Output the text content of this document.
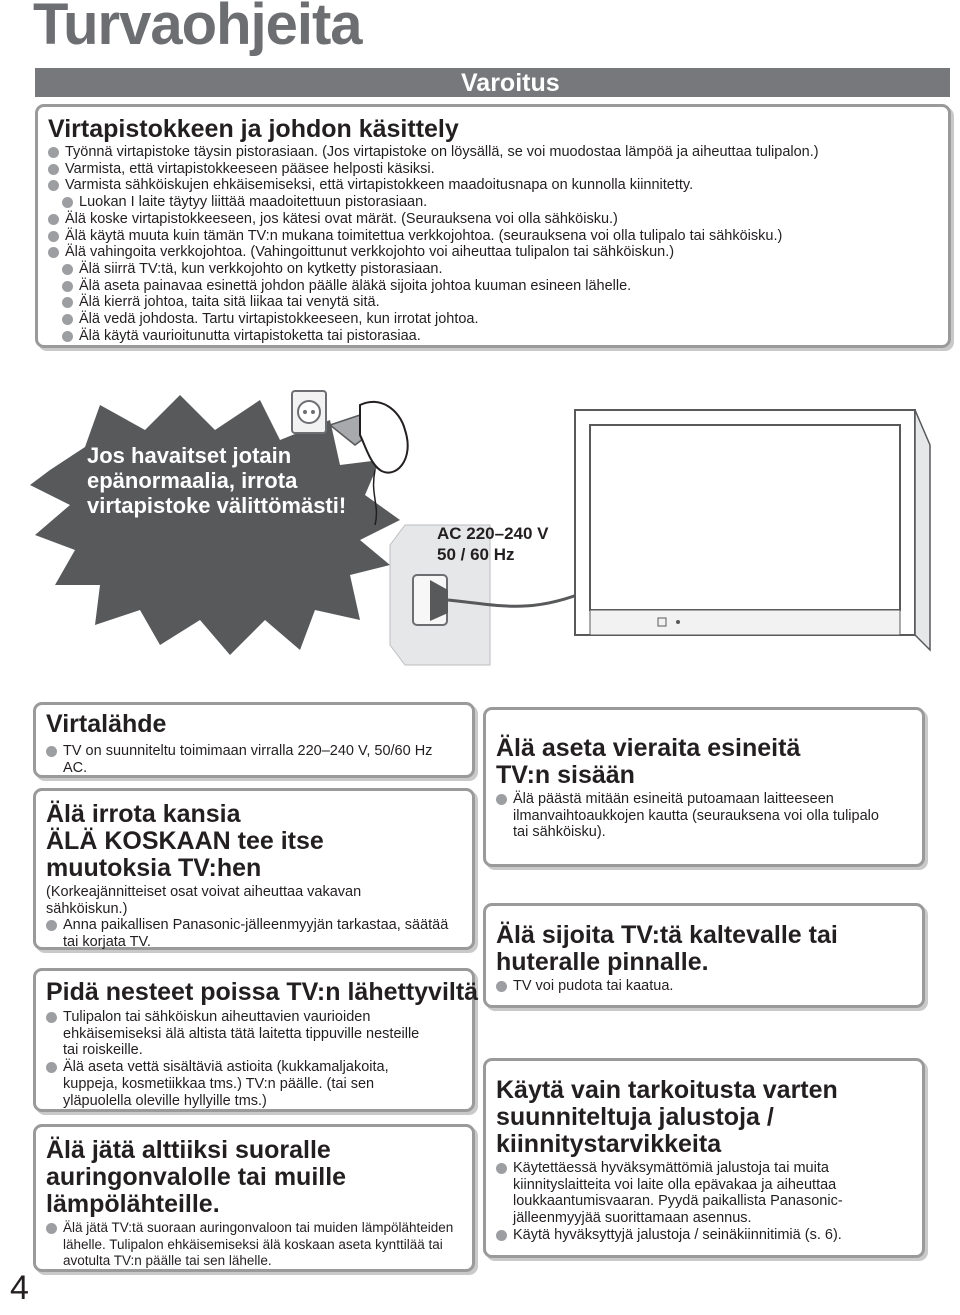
Turvaohjeita
Varoitus

Virtapistokkeen ja johdon käsittely

Työnnä virtapistoke täysin pistorasiaan. (Jos virtapistoke on löysällä, se voi muodostaa lämpöä ja aiheuttaa tulipalon.)
Varmista, että virtapistokkeeseen pääsee helposti käsiksi.
Varmista sähköiskujen ehkäisemiseksi, että virtapistokkeen maadoitusnapa on kunnolla kiinnitetty.
Luokan I laite täytyy liittää maadoitettuun pistorasiaan.
Älä koske virtapistokkeeseen, jos kätesi ovat märät. (Seurauksena voi olla sähköisku.)
Älä käytä muuta kuin tämän TV:n mukana toimitettua verkkojohtoa. (seurauksena voi olla tulipalo tai sähköisku.)
Älä vahingoita verkkojohtoa. (Vahingoittunut verkkojohto voi aiheuttaa tulipalon tai sähköiskun.)
Älä siirrä TV:tä, kun verkkojohto on kytketty pistorasiaan.
Älä aseta painavaa esinettä johdon päälle äläkä sijoita johtoa kuuman esineen lähelle.
Älä kierrä johtoa, taita sitä liikaa tai venytä sitä.
Älä vedä johdosta. Tartu virtapistokkeeseen, kun irrotat johtoa.
Älä käytä vaurioitunutta virtapistoketta tai pistorasiaa.
Jos havaitset jotain
epänormaalia, irrota
virtapistoke välittömästi!
AC 220–240 V
50 / 60 Hz

Virtalähde

TV on suunniteltu toimimaan virralla 220–240 V, 50/60 Hz AC.

Älä irrota kansia

ÄLÄ KOSKAAN tee itse

muutoksia TV:hen

(Korkeajännitteiset osat voivat aiheuttaa vakavan sähköiskun.)
Anna paikallisen Panasonic-jälleenmyyjän tarkastaa, säätää tai korjata TV.

Pidä nesteet poissa TV:n lähettyviltä

Tulipalon tai sähköiskun aiheuttavien vaurioiden ehkäisemiseksi älä altista tätä laitetta tippuville nesteille tai roiskeille.
Älä aseta vettä sisältäviä astioita (kukkamaljakoita, kuppeja, kosmetiikkaa tms.) TV:n päälle. (tai sen yläpuolella oleville hyllyille tms.)

Älä jätä alttiiksi suoralle

auringonvalolle tai muille

lämpölähteille.

Älä jätä TV:tä suoraan auringonvaloon tai muiden lämpölähteiden lähelle. Tulipalon ehkäisemiseksi älä koskaan aseta kynttilää tai avotulta TV:n päälle tai sen lähelle.

Älä aseta vieraita esineitä

TV:n sisään

Älä päästä mitään esineitä putoamaan laitteeseen ilmanvaihtoaukkojen kautta (seurauksena voi olla tulipalo tai sähköisku).

Älä sijoita TV:tä kaltevalle tai

huteralle pinnalle.

TV voi pudota tai kaatua.

Käytä vain tarkoitusta varten

suunniteltuja jalustoja /

kiinnitystarvikkeita

Käytettäessä hyväksymättömiä jalustoja tai muita kiinnityslaitteita voi laite olla epävakaa ja aiheuttaa loukkaantumisvaaran. Pyydä paikallista Panasonic-jälleenmyyjää suorittamaan asennus.
Käytä hyväksyttyjä jalustoja / seinäkiinnitimiä (s. 6).
4
